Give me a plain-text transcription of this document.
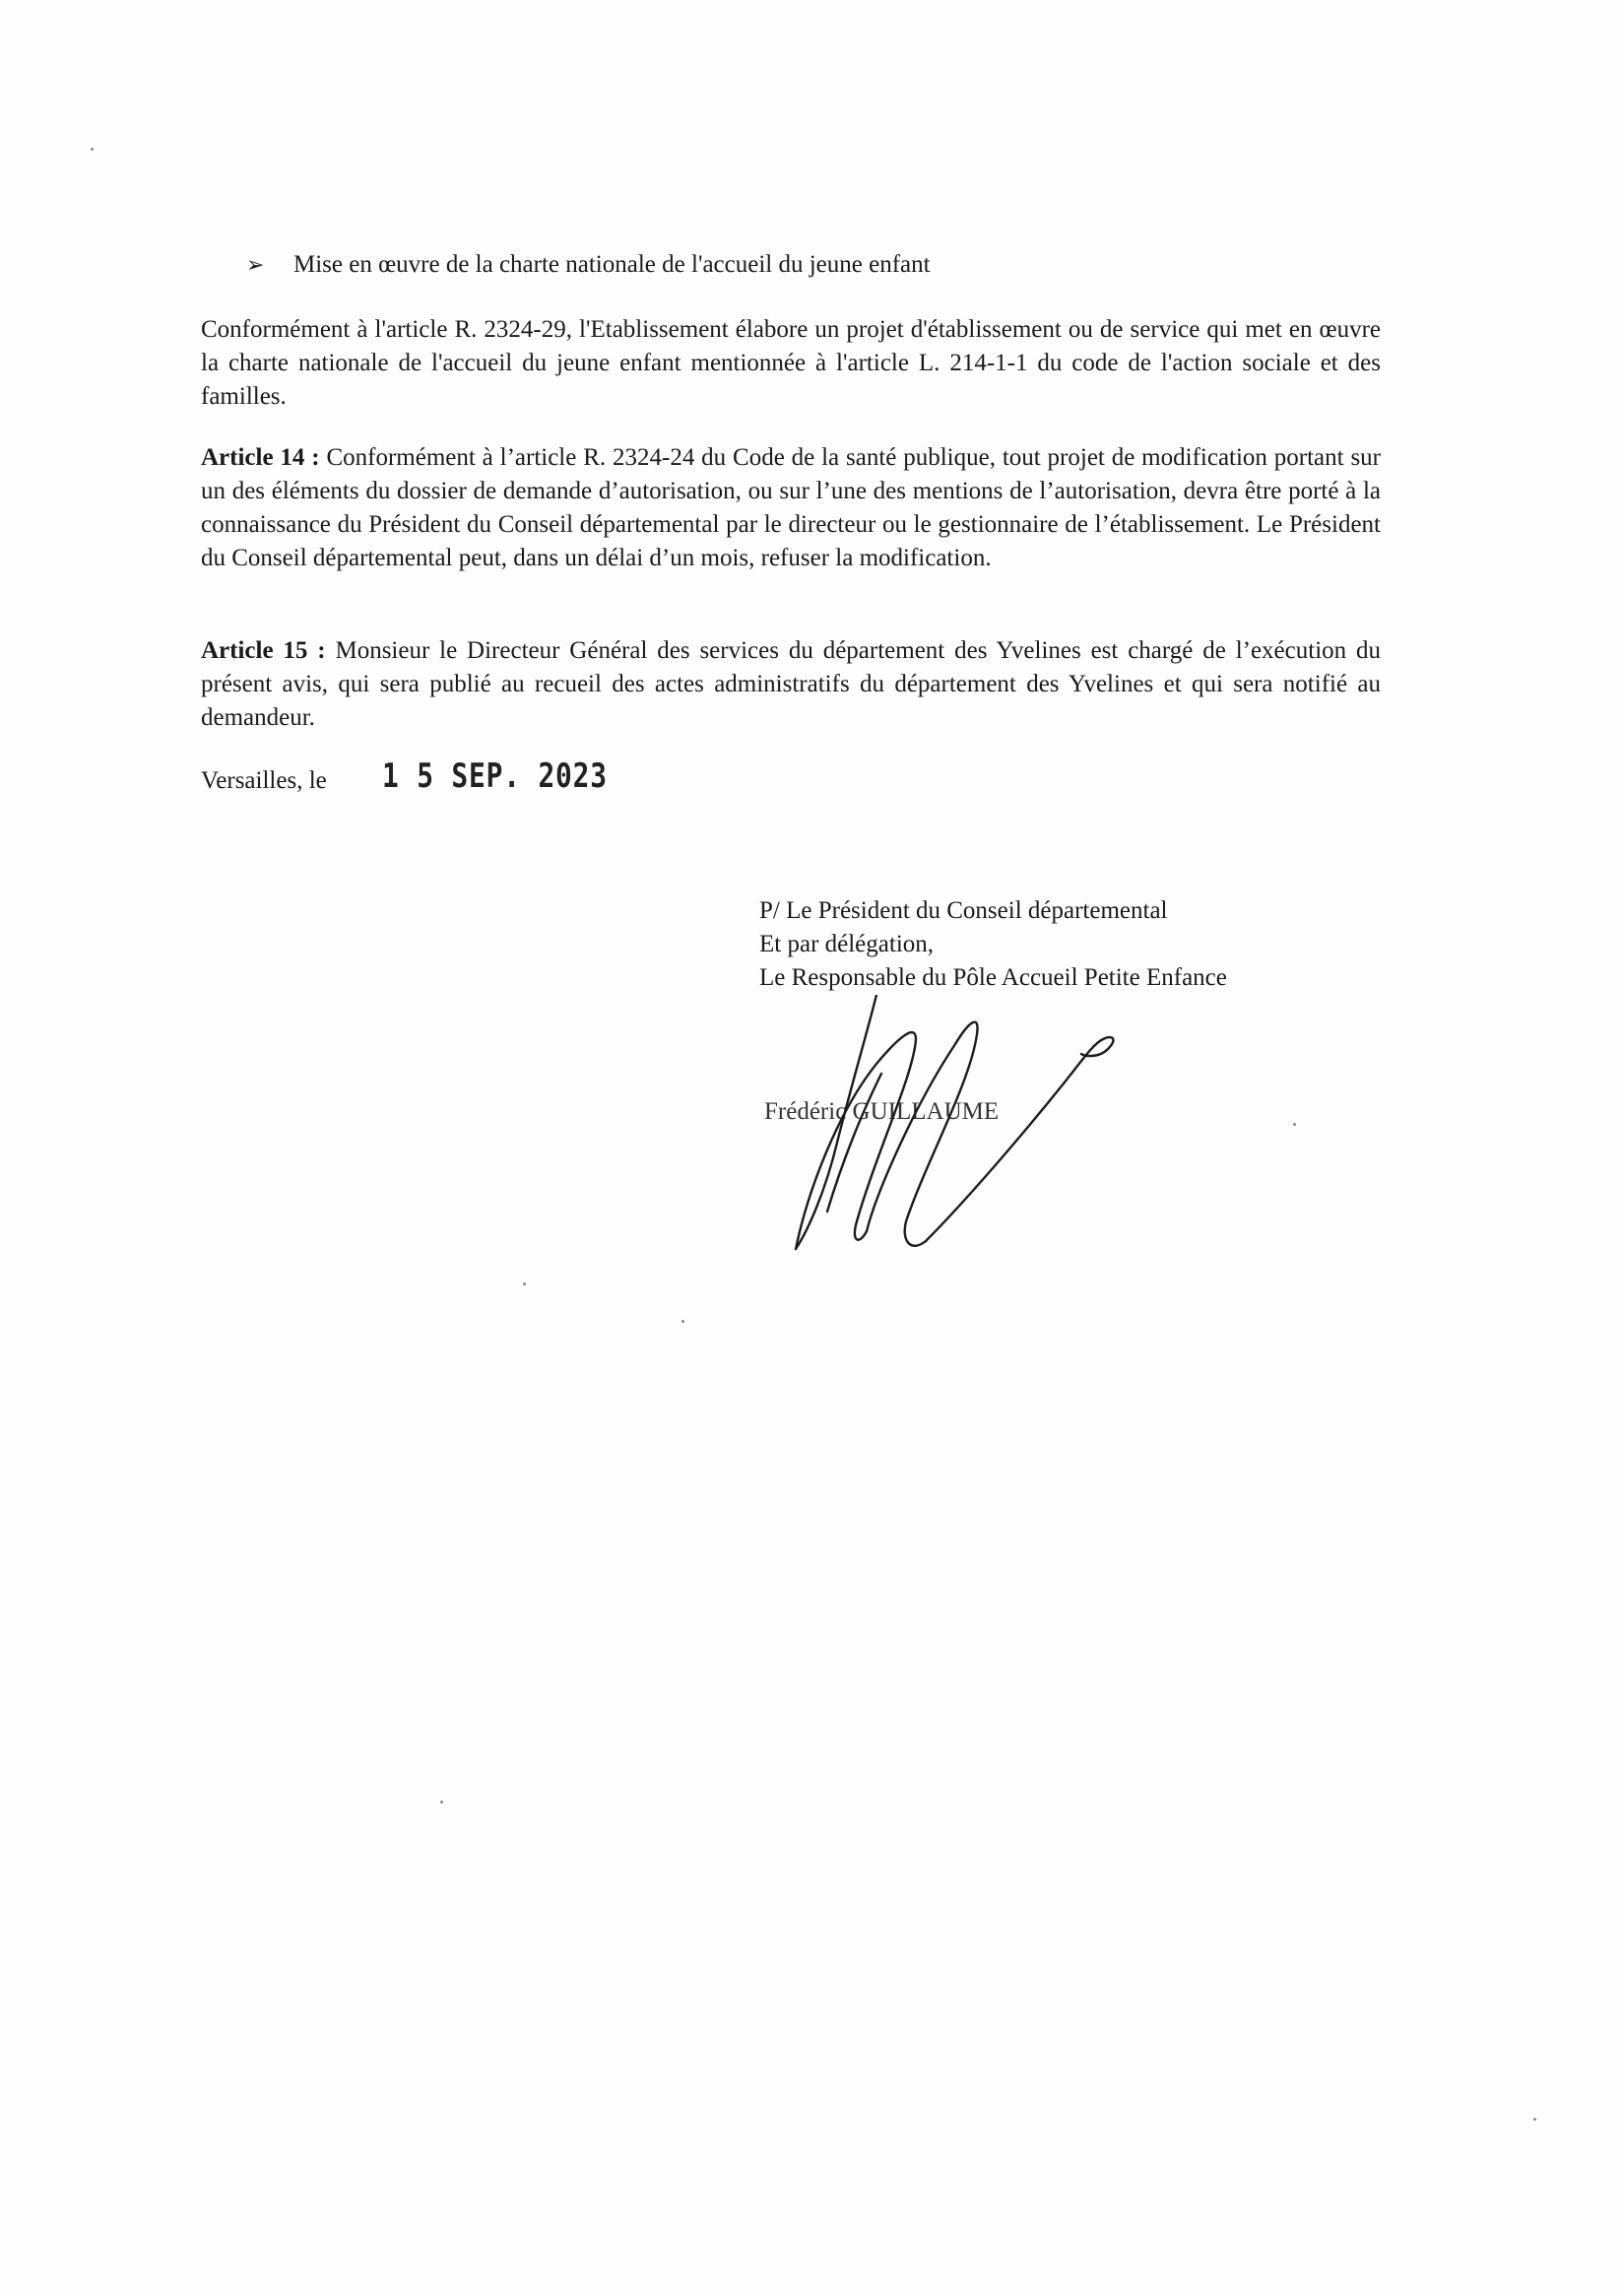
➢ Mise en œuvre de la charte nationale de l'accueil du jeune enfant

Conformément à l'article R. 2324-29, l'Etablissement élabore un projet d'établissement ou de service qui met en œuvre la charte nationale de l'accueil du jeune enfant mentionnée à l'article L. 214-1-1 du code de l'action sociale et des familles.

Article 14 : Conformément à l’article R. 2324-24 du Code de la santé publique, tout projet de modification portant sur un des éléments du dossier de demande d’autorisation, ou sur l’une des mentions de l’autorisation, devra être porté à la connaissance du Président du Conseil départemental par le directeur ou le gestionnaire de l’établissement. Le Président du Conseil départemental peut, dans un délai d’un mois, refuser la modification.

Article 15 : Monsieur le Directeur Général des services du département des Yvelines est chargé de l’exécution du présent avis, qui sera publié au recueil des actes administratifs du département des Yvelines et qui sera notifié au demandeur.

Versailles, le 1 5 SEP. 2023
P/ Le Président du Conseil départemental
Et par délégation,
Le Responsable du Pôle Accueil Petite Enfance
Frédéric GUILLAUME
